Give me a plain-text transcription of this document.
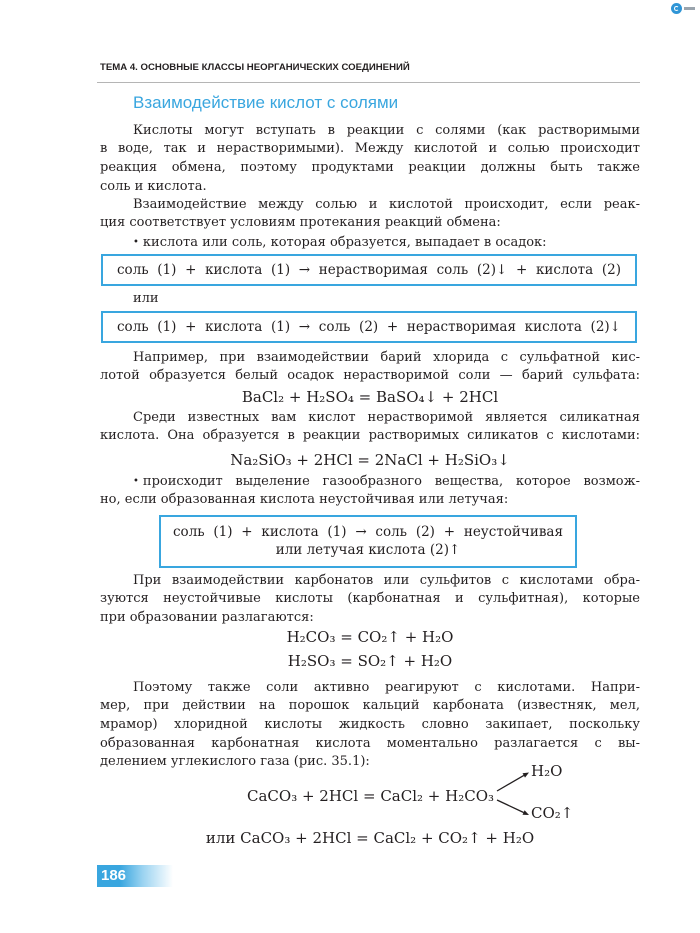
ТЕМА 4. ОСНОВНЫЕ КЛАССЫ НЕОРГАНИЧЕСКИХ СОЕДИНЕНИЙ
Взаимодействие кислот с солями
Кислоты могут вступать в реакции с солями (как растворимыми
в воде, так и нерастворимыми). Между кислотой и солью происходит
реакция обмена, поэтому продуктами реакции должны быть также
соль и кислота.
Взаимодействие между солью и кислотой происходит, если реак-
ция соответствует условиям протекания реакций обмена:
• кислота или соль, которая образуется, выпадает в осадок:
соль (1) + кислота (1) → нерастворимая соль (2)↓ + кислота (2)
или
соль (1) + кислота (1) → соль (2) + нерастворимая кислота (2)↓
Например, при взаимодействии барий хлорида с сульфатной кис-
лотой образуется белый осадок нерастворимой соли — барий сульфата:
BaCl₂ + H₂SO₄ = BaSO₄↓ + 2HCl
Среди известных вам кислот нерастворимой является силикатная
кислота. Она образуется в реакции растворимых силикатов с кислотами:
Na₂SiO₃ + 2HCl = 2NaCl + H₂SiO₃↓
• происходит выделение газообразного вещества, которое возмож-
но, если образованная кислота неустойчивая или летучая:
соль (1) + кислота (1) → соль (2) + неустойчивая
или летучая кислота (2)↑
При взаимодействии карбонатов или сульфитов с кислотами обра-
зуются неустойчивые кислоты (карбонатная и сульфитная), которые
при образовании разлагаются:
H₂CO₃ = CO₂↑ + H₂O
H₂SO₃ = SO₂↑ + H₂O
Поэтому также соли активно реагируют с кислотами. Напри-
мер, при действии на порошок кальций карбоната (известняк, мел,
мрамор) хлоридной кислоты жидкость словно закипает, поскольку
образованная карбонатная кислота моментально разлагается с вы-
делением углекислого газа (рис. 35.1):
CaCO₃ + 2HCl = CaCl₂ + H₂CO₃
H₂O
CO₂↑
или CaCO₃ + 2HCl = CaCl₂ + CO₂↑ + H₂O
186
